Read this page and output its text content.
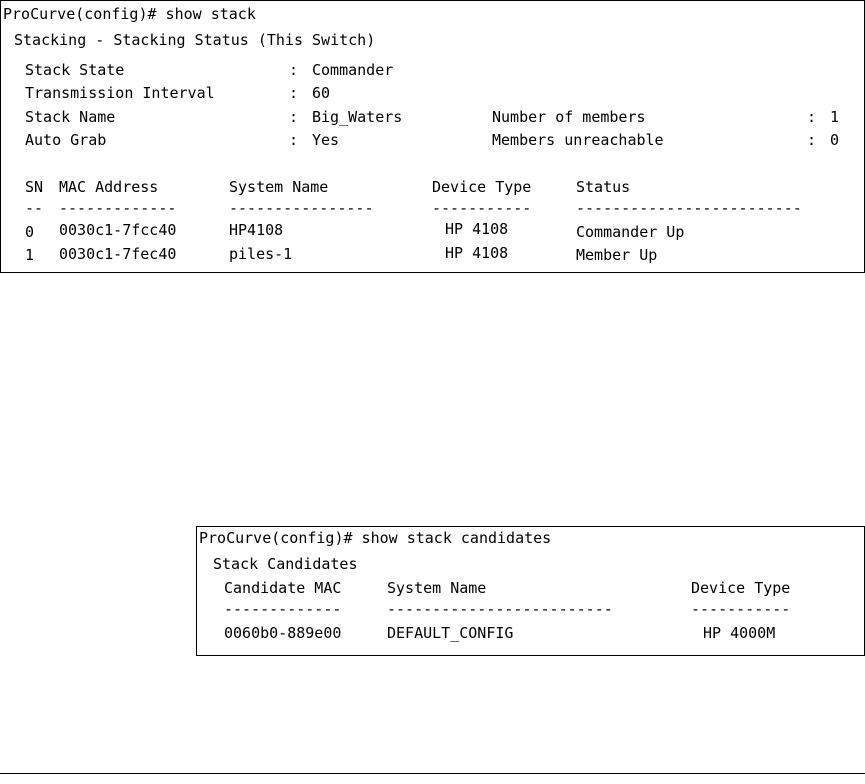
ProCurve(config)# show stack
Stacking - Stacking Status (This Switch)
Stack State	: Commander
Transmission Interval	: 60
Stack Name	: Big_Waters	Number of members	: 1
Auto Grab	: Yes	Members unreachable	: 0
SN MAC Address	System Name	Device Type	Status
-- -------------	----------------	-----------	-------------------------
0 0030c1-7fcc40	HP4108	HP 4108	Commander Up
1 0030c1-7fec40	piles-1	HP 4108	Member Up
ProCurve(config)# show stack candidates
Stack Candidates
Candidate MAC	System Name	Device Type
-------------	-------------------------	-----------
0060b0-889e00	DEFAULT_CONFIG	HP 4000M
